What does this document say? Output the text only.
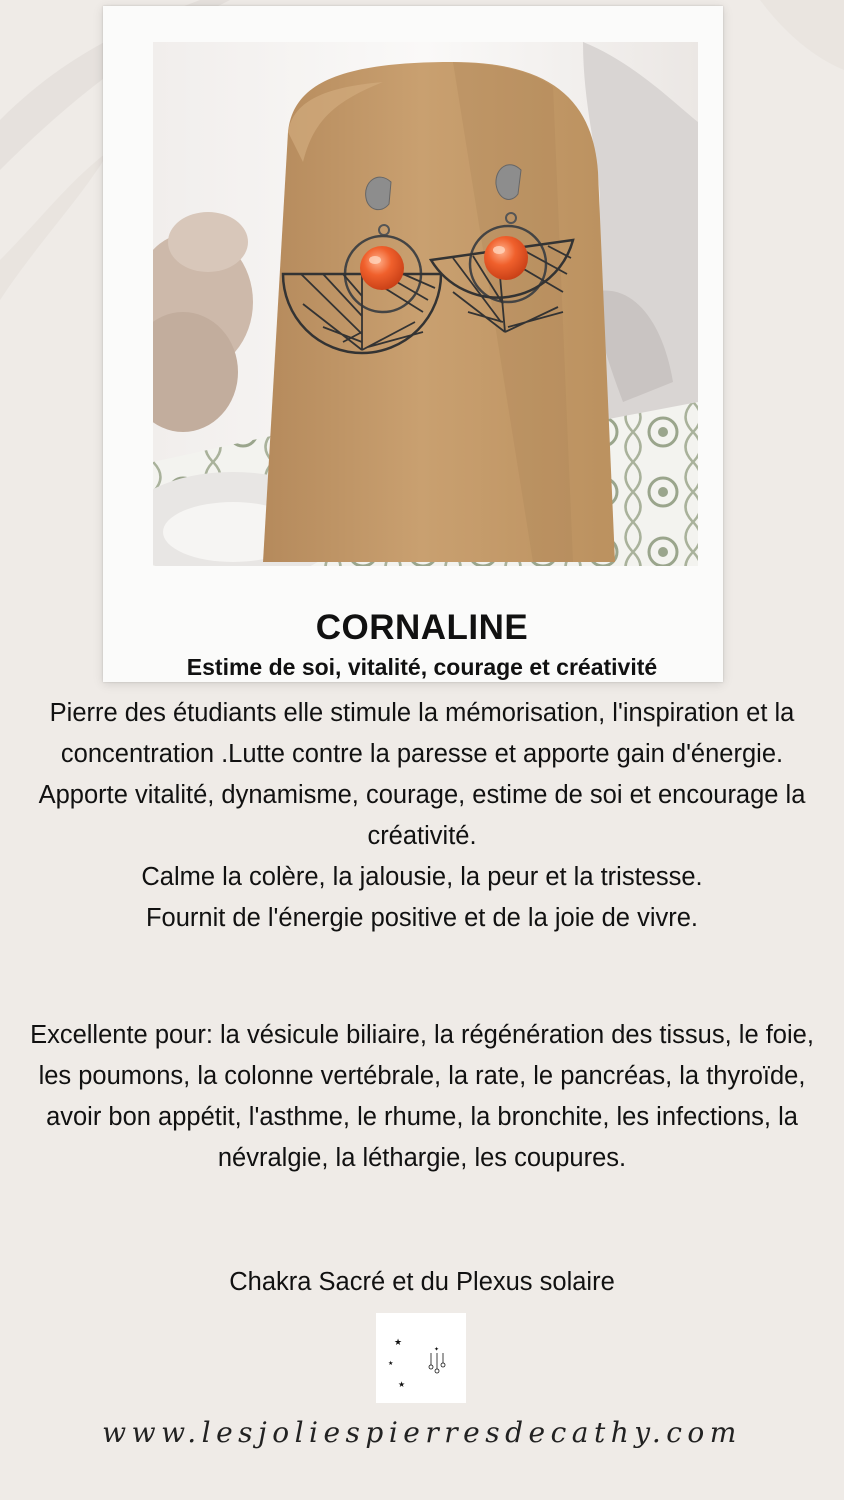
CORNALINE
Estime de soi, vitalité, courage et créativité

Pierre des étudiants elle stimule la mémorisation, l'inspiration et la concentration .Lutte contre la paresse et apporte gain d'énergie.

Apporte vitalité, dynamisme, courage, estime de soi et encourage la créativité.

Calme la colère, la jalousie, la peur et la tristesse.

Fournit de l'énergie positive et de la joie de vivre.

Excellente pour: la vésicule biliaire, la régénération des tissus, le foie, les poumons, la colonne vertébrale, la rate, le pancréas, la thyroïde, avoir bon appétit, l'asthme, le rhume, la bronchite, les infections, la névralgie, la léthargie, les coupures.

Chakra Sacré et du Plexus solaire

★
★
★
✦

www.lesjoliespierresdecathy.com
